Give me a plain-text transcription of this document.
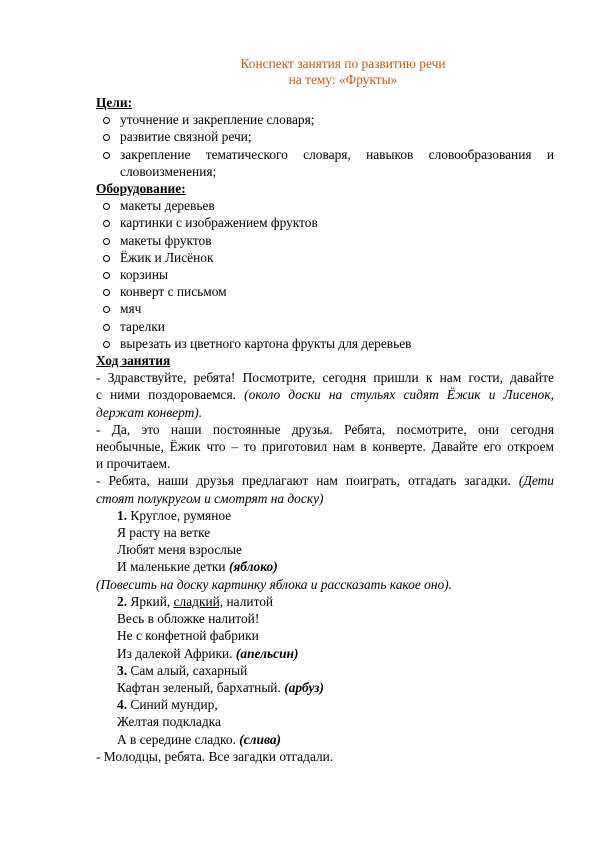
Конспект занятия по развитию речи
на тему: «Фрукты»
Цели:
уточнение и закрепление словаря;
развитие связной речи;
закрепление тематического словаря, навыков словообразования и
словоизменения;
Оборудование:
макеты деревьев
картинки с изображением фруктов
макеты фруктов
Ёжик и Лисёнок
корзины
конверт с письмом
мяч
тарелки
вырезать из цветного картона фрукты для деревьев
Ход занятия
- Здравствуйте, ребята! Посмотрите, сегодня пришли к нам гости, давайте
с ними поздороваемся. (около доски на стульях сидят Ёжик и Лисенок,
держат конверт).
- Да, это наши постоянные друзья. Ребята, посмотрите, они сегодня
необычные, Ёжик что – то приготовил нам в конверте. Давайте его откроем
и прочитаем.
- Ребята, наши друзья предлагают нам поиграть, отгадать загадки. (Дети
стоят полукругом и смотрят на доску)
1. Круглое, румяное
Я расту на ветке
Любят меня взрослые
И маленькие детки (яблоко)
(Повесить на доску картинку яблока и рассказать какое оно).
2. Яркий, сладкий, налитой
Весь в обложке налитой!
Не с конфетной фабрики
Из далекой Африки. (апельсин)
3. Сам алый, сахарный
Кафтан зеленый, бархатный. (арбуз)
4. Синий мундир,
Желтая подкладка
А в середине сладко. (слива)
- Молодцы, ребята. Все загадки отгадали.
